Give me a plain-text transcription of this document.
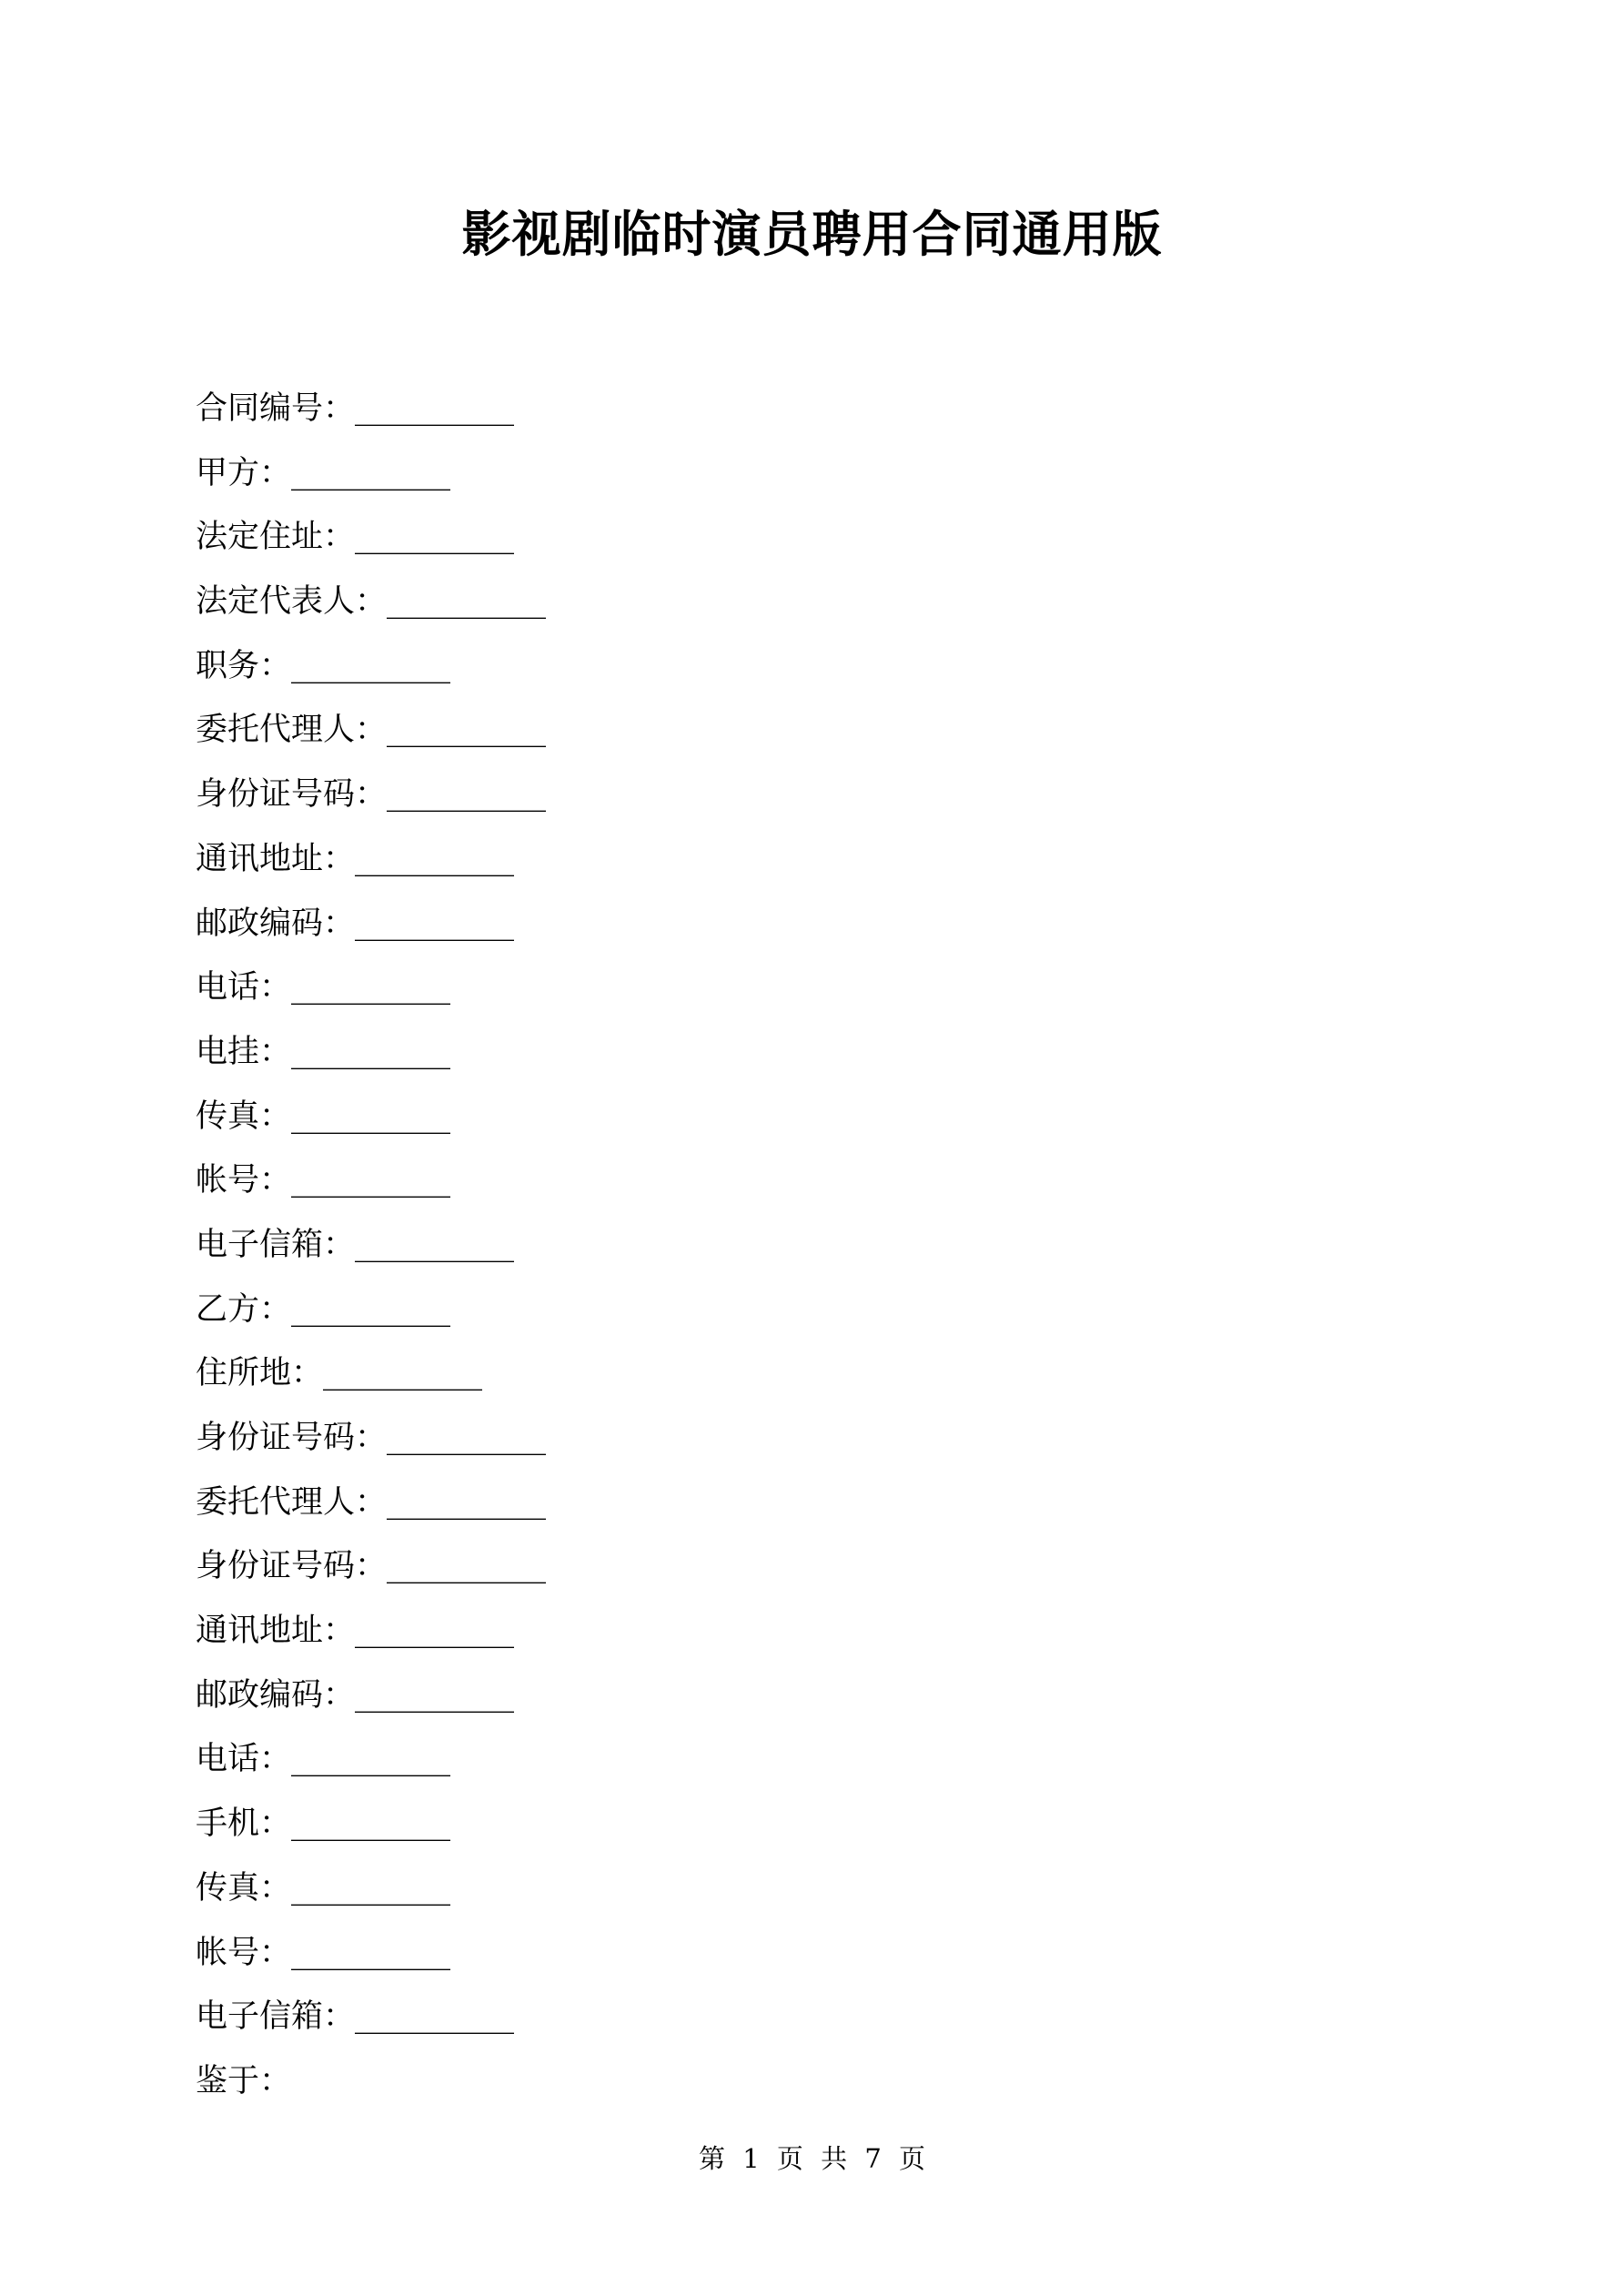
影视剧临时演员聘用合同通用版
合同编号：__________
甲方：__________
法定住址：__________
法定代表人：__________
职务：__________
委托代理人：__________
身份证号码：__________
通讯地址：__________
邮政编码：__________
电话：__________
电挂：__________
传真：__________
帐号：__________
电子信箱：__________
乙方：__________
住所地：__________
身份证号码：__________
委托代理人：__________
身份证号码：__________
通讯地址：__________
邮政编码：__________
电话：__________
手机：__________
传真：__________
帐号：__________
电子信箱：__________
鉴于：
第 1 页 共 7 页
